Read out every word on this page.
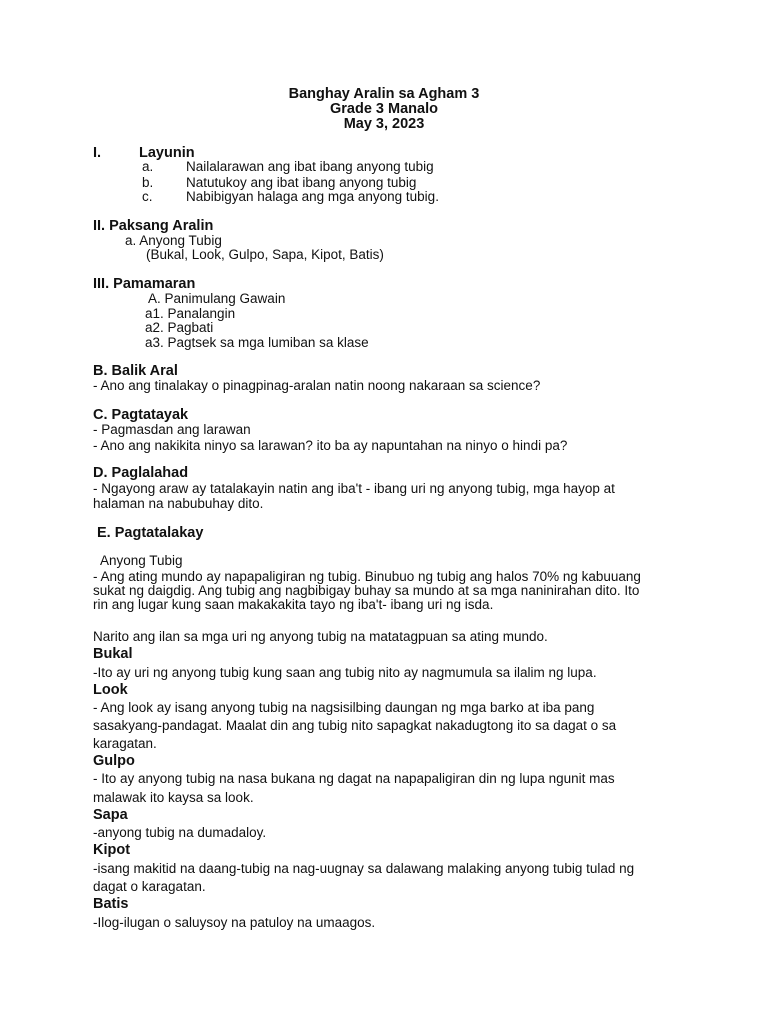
Banghay Aralin sa Agham 3
Grade 3 Manalo
May 3, 2023
I.	Layunin
a. Nailalarawan ang ibat ibang anyong tubig
b. Natutukoy ang ibat ibang anyong tubig
c. Nabibigyan halaga ang mga anyong tubig.
II. Paksang Aralin
a. Anyong Tubig
(Bukal, Look, Gulpo, Sapa, Kipot, Batis)
III. Pamamaran
A. Panimulang Gawain
a1. Panalangin
a2. Pagbati
a3. Pagtsek sa mga lumiban sa klase
B. Balik Aral
- Ano ang tinalakay o pinagpinag-aralan natin noong nakaraan sa science?
C. Pagtatayak
- Pagmasdan ang larawan
- Ano ang nakikita ninyo sa larawan? ito ba ay napuntahan na ninyo o hindi pa?
D. Paglalahad
- Ngayong araw ay tatalakayin natin ang iba't - ibang uri ng anyong tubig, mga hayop at
halaman na nabubuhay dito.
E. Pagtatalakay
Anyong Tubig
- Ang ating mundo ay napapaligiran ng tubig. Binubuo ng tubig ang halos 70% ng kabuuang
sukat ng daigdig. Ang tubig ang nagbibigay buhay sa mundo at sa mga naninirahan dito. Ito
rin ang lugar kung saan makakakita tayo ng iba't- ibang uri ng isda.
Narito ang ilan sa mga uri ng anyong tubig na matatagpuan sa ating mundo.
Bukal
-Ito ay uri ng anyong tubig kung saan ang tubig nito ay nagmumula sa ilalim ng lupa.
Look
- Ang look ay isang anyong tubig na nagsisilbing daungan ng mga barko at iba pang
sasakyang-pandagat. Maalat din ang tubig nito sapagkat nakadugtong ito sa dagat o sa
karagatan.
Gulpo
- Ito ay anyong tubig na nasa bukana ng dagat na napapaligiran din ng lupa ngunit mas
malawak ito kaysa sa look.
Sapa
-anyong tubig na dumadaloy.
Kipot
-isang makitid na daang-tubig na nag-uugnay sa dalawang malaking anyong tubig tulad ng
dagat o karagatan.
Batis
-Ilog-ilugan o saluysoy na patuloy na umaagos.
